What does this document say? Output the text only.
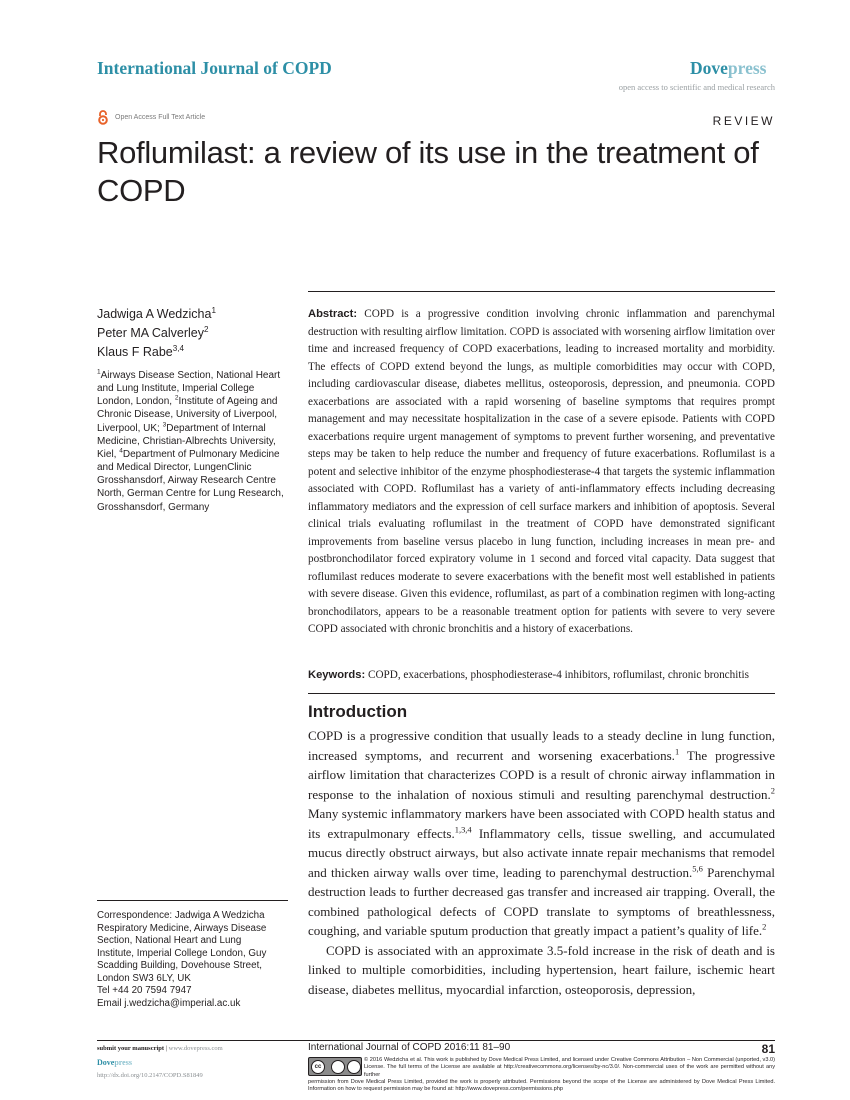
International Journal of COPD	Dovepress
open access to scientific and medical research
Open Access Full Text Article	REVIEW
Roflumilast: a review of its use in the treatment of COPD
Jadwiga A Wedzicha$^1$
Peter MA Calverley$^2$
Klaus F Rabe$^{3,4}$
$^1$Airways Disease Section, National Heart and Lung Institute, Imperial College London, London, $^2$Institute of Ageing and Chronic Disease, University of Liverpool, Liverpool, UK; $^3$Department of Internal Medicine, Christian-Albrechts University, Kiel, $^4$Department of Pulmonary Medicine and Medical Director, LungenClinic Grosshansdorf, Airway Research Centre North, German Centre for Lung Research, Grosshansdorf, Germany
Correspondence: Jadwiga A Wedzicha
Respiratory Medicine, Airways Disease
Section, National Heart and Lung
Institute, Imperial College London, Guy
Scadding Building, Dovehouse Street,
London SW3 6LY, UK
Tel +44 20 7594 7947
Email j.wedzicha@imperial.ac.uk

Abstract: COPD is a progressive condition involving chronic inflammation and parenchymal destruction with resulting airflow limitation. COPD is associated with worsening airflow limitation over time and increased frequency of COPD exacerbations, leading to increased mortality and morbidity. The effects of COPD extend beyond the lungs, as multiple comorbidities may occur with COPD, including cardiovascular disease, diabetes mellitus, osteoporosis, depression, and pneumonia. COPD exacerbations are associated with a rapid worsening of baseline symptoms that requires prompt management and may necessitate hospitalization in the case of a severe episode. Patients with COPD exacerbations require urgent management of symptoms to prevent further worsening, and preventative steps may be taken to help reduce the number and frequency of future exacerbations. Roflumilast is a potent and selective inhibitor of the enzyme phosphodiesterase-4 that targets the systemic inflammation associated with COPD. Roflumilast has a variety of anti-inflammatory effects including decreasing inflammatory mediators and the expression of cell surface markers and inhibition of apoptosis. Several clinical trials evaluating roflumilast in the treatment of COPD have demonstrated significant improvements from baseline versus placebo in lung function, including increases in mean pre- and postbronchodilator forced expiratory volume in 1 second and forced vital capacity. Data suggest that roflumilast reduces moderate to severe exacerbations with the benefit most well established in patients with severe disease. Given this evidence, roflumilast, as part of a combination regimen with long-acting bronchodilators, appears to be a reasonable treatment option for patients with severe to very severe COPD associated with chronic bronchitis and a history of exacerbations.

Keywords: COPD, exacerbations, phosphodiesterase-4 inhibitors, roflumilast, chronic bronchitis
Introduction

COPD is a progressive condition that usually leads to a steady decline in lung function, increased symptoms, and recurrent and worsening exacerbations.$^1$ The progressive airflow limitation that characterizes COPD is a result of chronic airway inflammation in response to the inhalation of noxious stimuli and resulting parenchymal destruction.$^2$ Many systemic inflammatory markers have been associated with COPD health status and its extrapulmonary effects.$^{1,3,4}$ Inflammatory cells, tissue swelling, and accumulated mucus directly obstruct airways, but also activate innate repair mechanisms that remodel and thicken airway walls over time, leading to parenchymal destruction.$^{5,6}$ Parenchymal destruction leads to further decreased gas transfer and increased air trapping. Overall, the combined pathological defects of COPD translate to symptoms of breathlessness, coughing, and variable sputum production that greatly impact a patient’s quality of life.$^2$

COPD is associated with an approximate 3.5-fold increase in the risk of death and is linked to multiple comorbidities, including hypertension, heart failure, ischemic heart disease, diabetes mellitus, myocardial infarction, osteoporosis, depression,

submit your manuscript | www.dovepress.com
Dovepress
http://dx.doi.org/10.2147/COPD.S81849
International Journal of COPD 2016:11 81–90	81
cc
© 2016 Wedzicha et al. This work is published by Dove Medical Press Limited, and licensed under Creative Commons Attribution – Non Commercial (unported, v3.0) License. The full terms of the License are available at http://creativecommons.org/licenses/by-nc/3.0/. Non-commercial uses of the work are permitted without any further
permission from Dove Medical Press Limited, provided the work is properly attributed. Permissions beyond the scope of the License are administered by Dove Medical Press Limited. Information on how to request permission may be found at: http://www.dovepress.com/permissions.php
